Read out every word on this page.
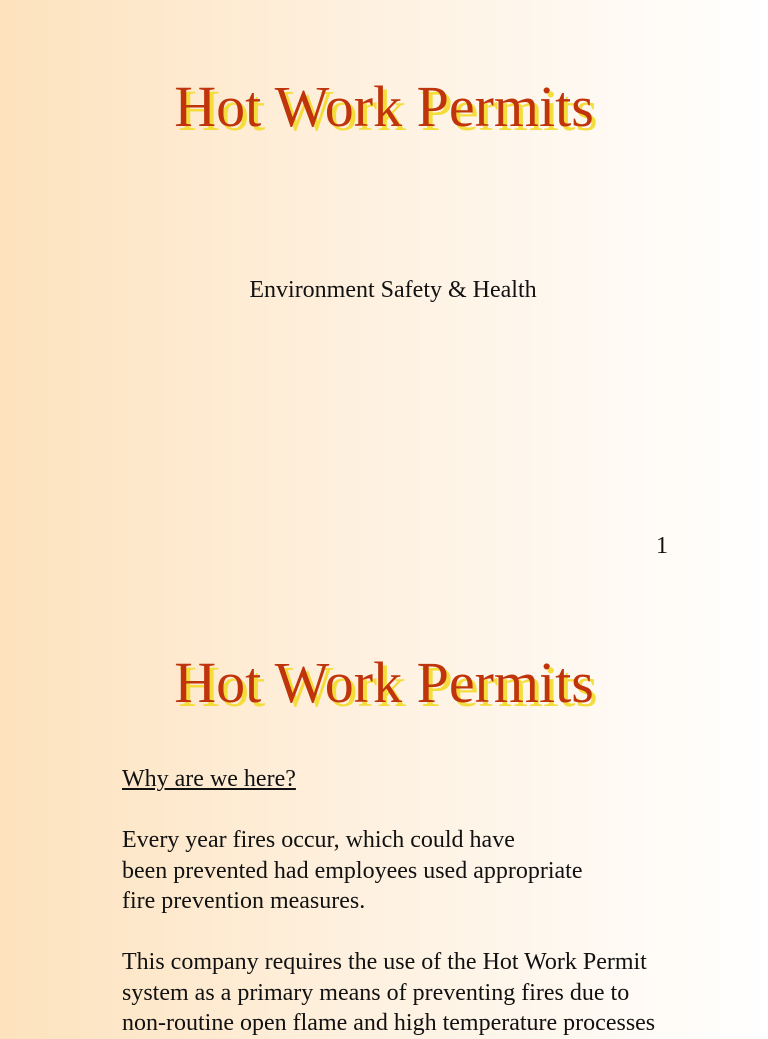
Hot Work Permits
Environment Safety & Health
1
Hot Work Permits
Why are we here?
Every year fires occur, which could have
been prevented had employees used appropriate
fire prevention measures.
This company requires the use of the Hot Work Permit
system as a primary means of preventing fires due to
non-routine open flame and high temperature processes
